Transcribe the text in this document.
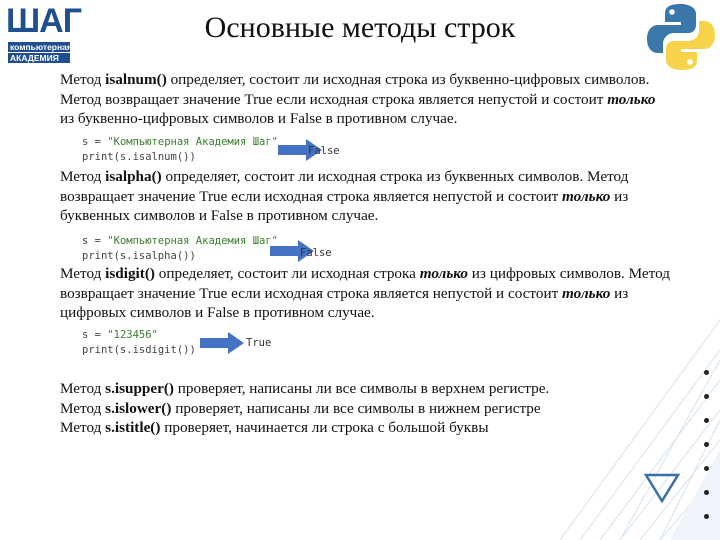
ШАГ
компьютерная
АКАДЕМИЯ
Основные методы строк
Метод isalnum() определяет, состоит ли исходная строка из буквенно-цифровых символов. Метод возвращает значение True если исходная строка является непустой и состоит только из буквенно-цифровых символов и False в противном случае.
s = "Компьютерная Академия Шаг"
print(s.isalnum())	False
Метод isalpha() определяет, состоит ли исходная строка из буквенных символов. Метод возвращает значение True если исходная строка является непустой и состоит только из буквенных символов и False в противном случае.
s = "Компьютерная Академия Шаг"
print(s.isalpha())	False
Метод isdigit() определяет, состоит ли исходная строка только из цифровых символов. Метод возвращает значение True если исходная строка является непустой и состоит только из цифровых символов и False в противном случае.
s = "123456"
print(s.isdigit())
True
Метод s.isupper() проверяет, написаны ли все символы в верхнем регистре.
Метод s.islower() проверяет, написаны ли все символы в нижнем регистре
Метод s.istitle() проверяет, начинается ли строка с большой буквы
